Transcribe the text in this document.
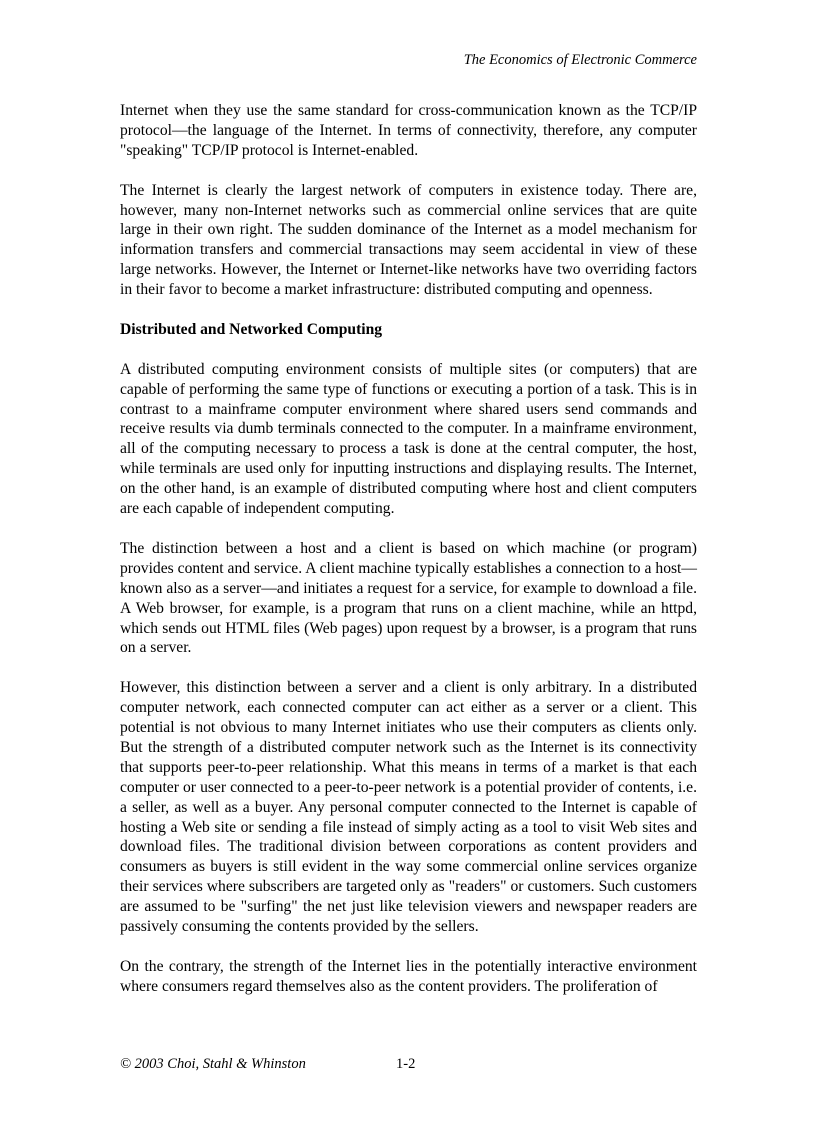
The Economics of Electronic Commerce

Internet when they use the same standard for cross-communication known as the TCP/IP protocol—the language of the Internet. In terms of connectivity, therefore, any computer "speaking" TCP/IP protocol is Internet-enabled.

The Internet is clearly the largest network of computers in existence today. There are, however, many non-Internet networks such as commercial online services that are quite large in their own right. The sudden dominance of the Internet as a model mechanism for information transfers and commercial transactions may seem accidental in view of these large networks. However, the Internet or Internet-like networks have two overriding factors in their favor to become a market infrastructure: distributed computing and openness.

Distributed and Networked Computing

A distributed computing environment consists of multiple sites (or computers) that are capable of performing the same type of functions or executing a portion of a task. This is in contrast to a mainframe computer environment where shared users send commands and receive results via dumb terminals connected to the computer. In a mainframe environment, all of the computing necessary to process a task is done at the central computer, the host, while terminals are used only for inputting instructions and displaying results. The Internet, on the other hand, is an example of distributed computing where host and client computers are each capable of independent computing.

The distinction between a host and a client is based on which machine (or program) provides content and service. A client machine typically establishes a connection to a host—known also as a server—and initiates a request for a service, for example to download a file. A Web browser, for example, is a program that runs on a client machine, while an httpd, which sends out HTML files (Web pages) upon request by a browser, is a program that runs on a server.

However, this distinction between a server and a client is only arbitrary. In a distributed computer network, each connected computer can act either as a server or a client. This potential is not obvious to many Internet initiates who use their computers as clients only. But the strength of a distributed computer network such as the Internet is its connectivity that supports peer-to-peer relationship. What this means in terms of a market is that each computer or user connected to a peer-to-peer network is a potential provider of contents, i.e. a seller, as well as a buyer. Any personal computer connected to the Internet is capable of hosting a Web site or sending a file instead of simply acting as a tool to visit Web sites and download files. The traditional division between corporations as content providers and consumers as buyers is still evident in the way some commercial online services organize their services where subscribers are targeted only as "readers" or customers. Such customers are assumed to be "surfing" the net just like television viewers and newspaper readers are passively consuming the contents provided by the sellers.

On the contrary, the strength of the Internet lies in the potentially interactive environment where consumers regard themselves also as the content providers. The proliferation of

© 2003 Choi, Stahl & Whinston	1-2
